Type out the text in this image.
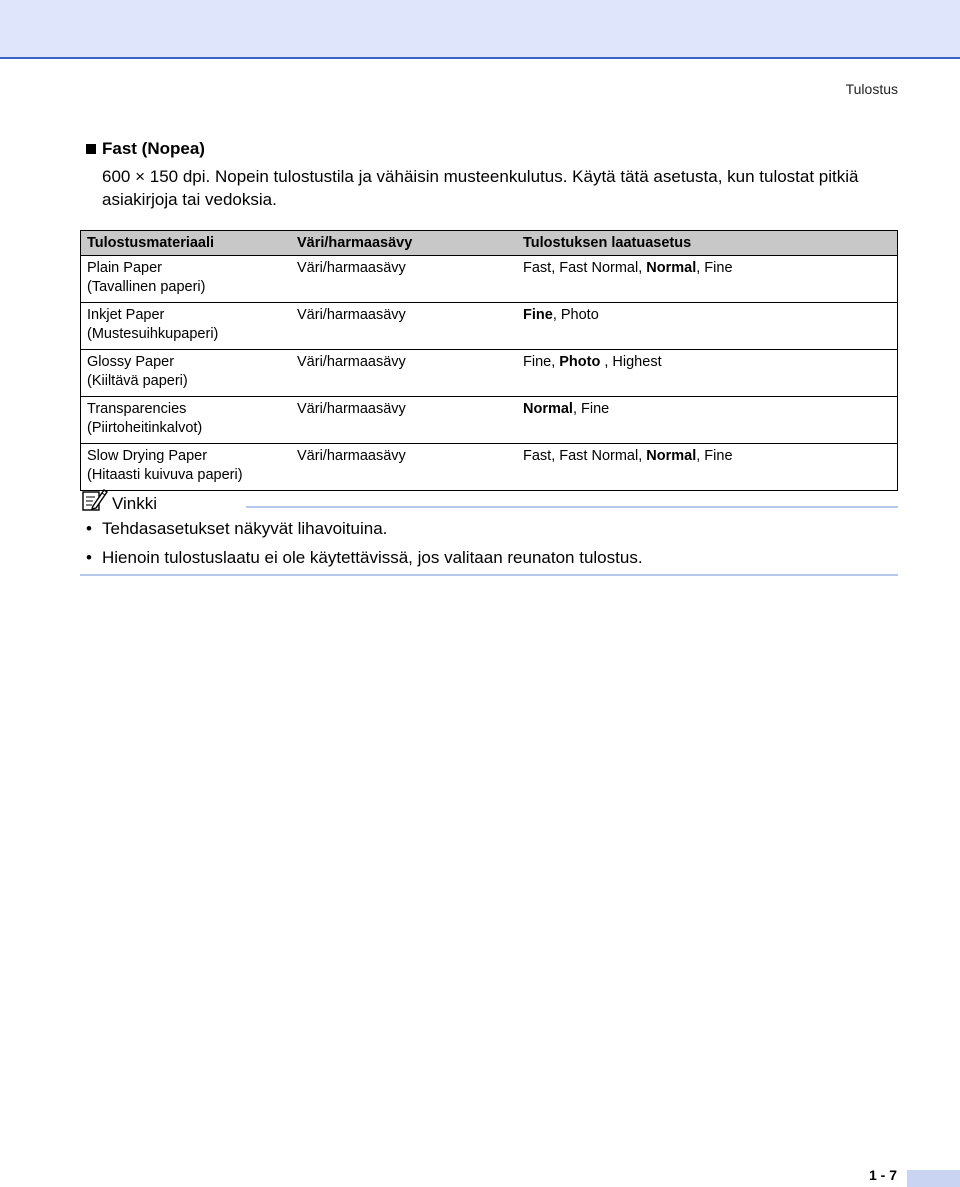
Tulostus
Fast (Nopea)
600 × 150 dpi. Nopein tulostustila ja vähäisin musteenkulutus. Käytä tätä asetusta, kun tulostat pitkiä asiakirjoja tai vedoksia.
Tulostusmateriaali	Väri/harmaasävy	Tulostuksen laatuasetus

Plain Paper
(Tavallinen paperi)	Väri/harmaasävy	Fast, Fast Normal, Normal, Fine

Inkjet Paper
(Mustesuihkupaperi)	Väri/harmaasävy	Fine, Photo

Glossy Paper
(Kiiltävä paperi)	Väri/harmaasävy	Fine, Photo , Highest

Transparencies
(Piirtoheitinkalvot)	Väri/harmaasävy	Normal, Fine

Slow Drying Paper
(Hitaasti kuivuva paperi)	Väri/harmaasävy	Fast, Fast Normal, Normal, Fine
Vinkki
• Tehdasasetukset näkyvät lihavoituina.
• Hienoin tulostuslaatu ei ole käytettävissä, jos valitaan reunaton tulostus.
1 - 7
